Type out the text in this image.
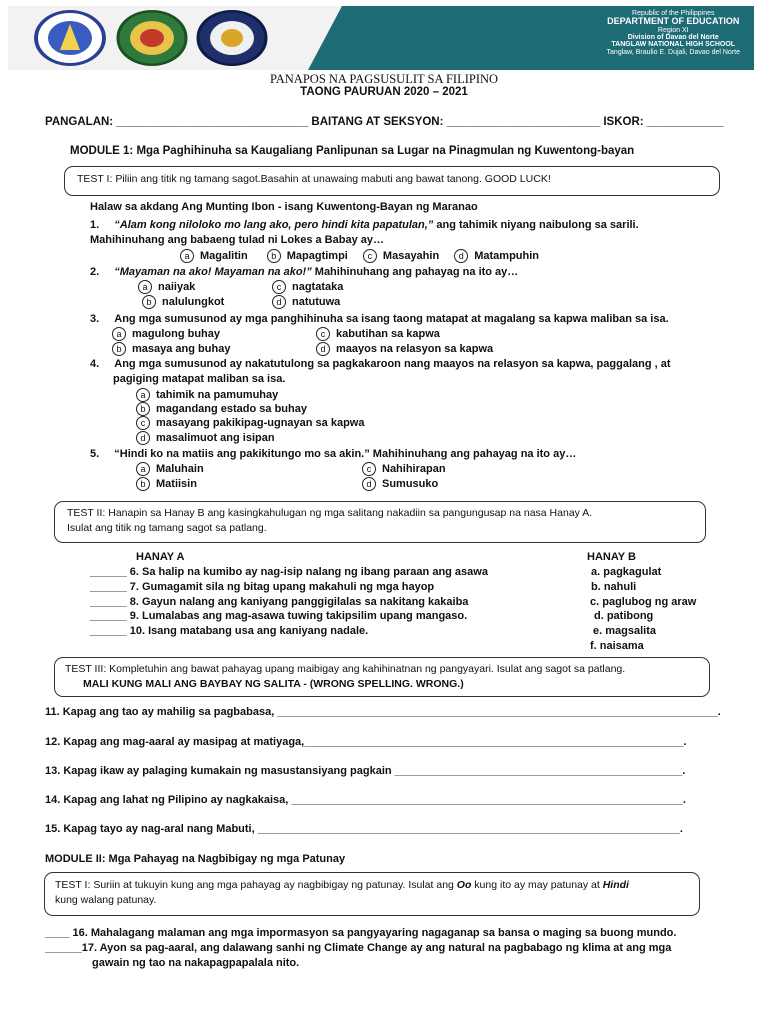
Republic of the Philippines
DEPARTMENT OF EDUCATION
Region XI
Division of Davao del Norte
TANGLAW NATIONAL HIGH SCHOOL
Tanglaw, Braulio E. Dujali, Davao del Norte
PANAPOS NA PAGSUSULIT SA FILIPINO
TAONG PAURUAN 2020 – 2021
PANGALAN: ______________________________ BAITANG AT SEKSYON: ________________________ ISKOR: ____________
MODULE 1: Mga Paghihinuha sa Kaugaliang Panlipunan sa Lugar na Pinagmulan ng Kuwentong-bayan
TEST I: Piliin ang titik ng tamang sagot.Basahin at unawaing mabuti ang bawat tanong. GOOD LUCK!
Halaw sa akdang Ang Munting Ibon - isang Kuwentong-Bayan ng Maranao
1. “Alam kong niloloko mo lang ako, pero hindi kita papatulan,” ang tahimik niyang naibulong sa sarili.
Mahihinuhang ang babaeng tulad ni Lokes a Babay ay…
a Magalitin	b Mapagtimpi c Masayahin d Matampuhin
2. “Mayaman na ako! Mayaman na ako!” Mahihinuhang ang pahayag na ito ay…
a naiiyak	c nagtataka
b nalulungkot	d natutuwa
3. Ang mga sumusunod ay mga panghihinuha sa isang taong matapat at magalang sa kapwa maliban sa isa.
a magulong buhay	c kabutihan sa kapwa
b masaya ang buhay	d maayos na relasyon sa kapwa
4. Ang mga sumusunod ay nakatutulong sa pagkakaroon nang maayos na relasyon sa kapwa, paggalang , at
pagiging matapat maliban sa isa.
a tahimik na pamumuhay
b magandang estado sa buhay
c masayang pakikipag-ugnayan sa kapwa
d masalimuot ang isipan
5. “Hindi ko na matiis ang pakikitungo mo sa akin.” Mahihinuhang ang pahayag na ito ay…
a Maluhain	c Nahihirapan
b Matiisin	d Sumusuko
TEST II: Hanapin sa Hanay B ang kasingkahulugan ng mga salitang nakadiin sa pangungusap na nasa Hanay A.
Isulat ang titik ng tamang sagot sa patlang.
HANAY A	HANAY B
______ 6. Sa halip na kumibo ay nag-isip nalang ng ibang paraan ang asawa
______ 7. Gumagamit sila ng bitag upang makahuli ng mga hayop
______ 8. Gayun nalang ang kaniyang panggigilalas sa nakitang kakaiba
______ 9. Lumalabas ang mag-asawa tuwing takipsilim upang mangaso.
______ 10. Isang matabang usa ang kaniyang nadale.
a. pagkagulat
b. nahuli
c. paglubog ng araw
d. patibong
e. magsalita
f. naisama
TEST III: Kompletuhin ang bawat pahayag upang maibigay ang kahihinatnan ng pangyayari. Isulat ang sagot sa patlang.
MALI KUNG MALI ANG BAYBAY NG SALITA - (WRONG SPELLING. WRONG.)
11. Kapag ang tao ay mahilig sa pagbabasa, ________________________________________________________________________.
12. Kapag ang mag-aaral ay masipag at matiyaga,______________________________________________________________.
13. Kapag ikaw ay palaging kumakain ng masustansiyang pagkain _______________________________________________.
14. Kapag ang lahat ng Pilipino ay nagkakaisa, ________________________________________________________________.
15. Kapag tayo ay nag-aral nang Mabuti, _____________________________________________________________________.
MODULE II: Mga Pahayag na Nagbibigay ng mga Patunay
TEST I: Suriin at tukuyin kung ang mga pahayag ay nagbibigay ng patunay. Isulat ang Oo kung ito ay may patunay at Hindi
kung walang patunay.
____ 16. Mahalagang malaman ang mga impormasyon sa pangyayaring nagaganap sa bansa o maging sa buong mundo.
______17. Ayon sa pag-aaral, ang dalawang sanhi ng Climate Change ay ang natural na pagbabago ng klima at ang mga
gawain ng tao na nakapagpapalala nito.
